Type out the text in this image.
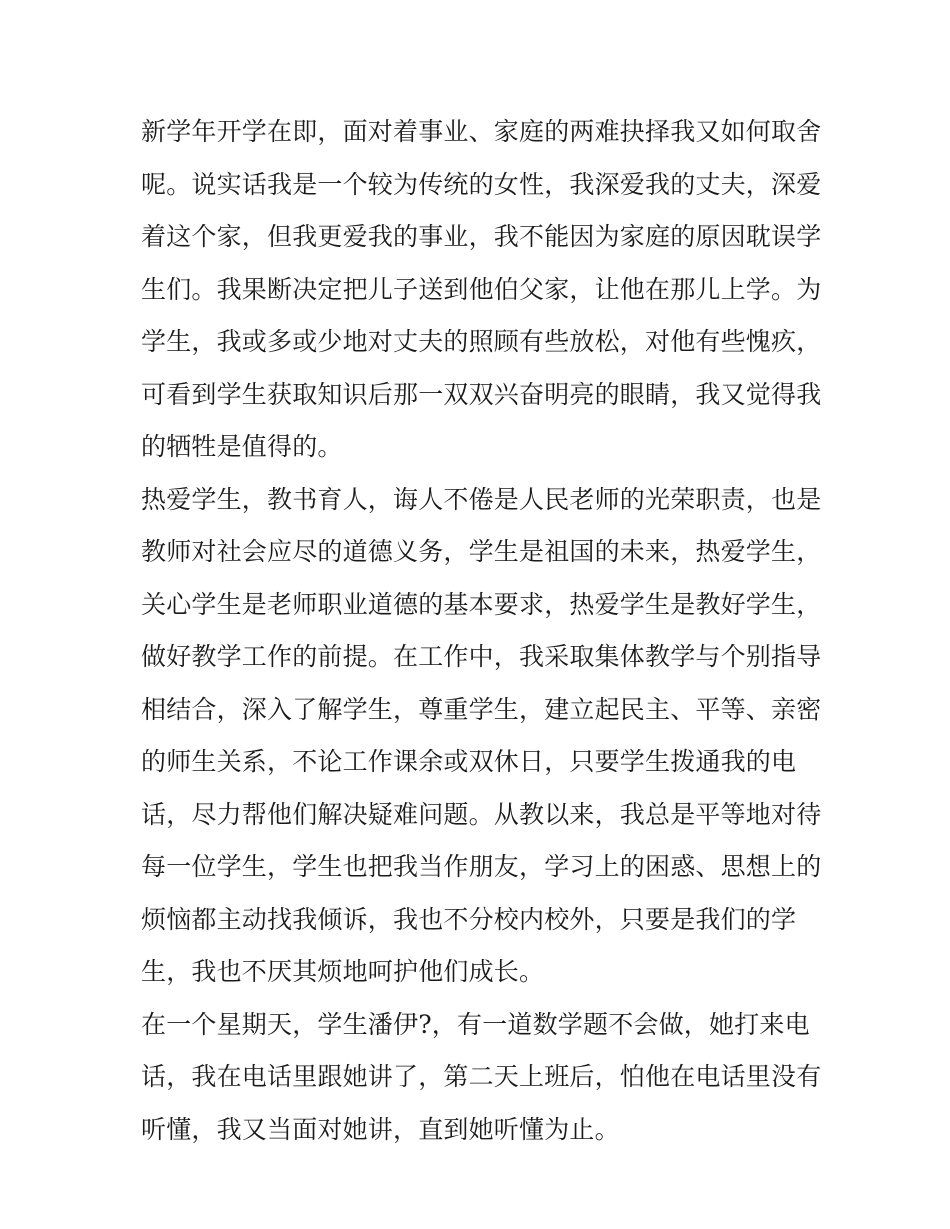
新学年开学在即，面对着事业、家庭的两难抉择我又如何取舍
呢。说实话我是一个较为传统的女性，我深爱我的丈夫，深爱
着这个家，但我更爱我的事业，我不能因为家庭的原因耽误学
生们。我果断决定把儿子送到他伯父家，让他在那儿上学。为
学生，我或多或少地对丈夫的照顾有些放松，对他有些愧疚，
可看到学生获取知识后那一双双兴奋明亮的眼睛，我又觉得我
的牺牲是值得的。
热爱学生，教书育人，诲人不倦是人民老师的光荣职责，也是
教师对社会应尽的道德义务，学生是祖国的未来，热爱学生，
关心学生是老师职业道德的基本要求，热爱学生是教好学生，
做好教学工作的前提。在工作中，我采取集体教学与个别指导
相结合，深入了解学生，尊重学生，建立起民主、平等、亲密
的师生关系，不论工作课余或双休日，只要学生拨通我的电
话，尽力帮他们解决疑难问题。从教以来，我总是平等地对待
每一位学生，学生也把我当作朋友，学习上的困惑、思想上的
烦恼都主动找我倾诉，我也不分校内校外，只要是我们的学
生，我也不厌其烦地呵护他们成长。
在一个星期天，学生潘伊?，有一道数学题不会做，她打来电
话，我在电话里跟她讲了，第二天上班后，怕他在电话里没有
听懂，我又当面对她讲，直到她听懂为止。
